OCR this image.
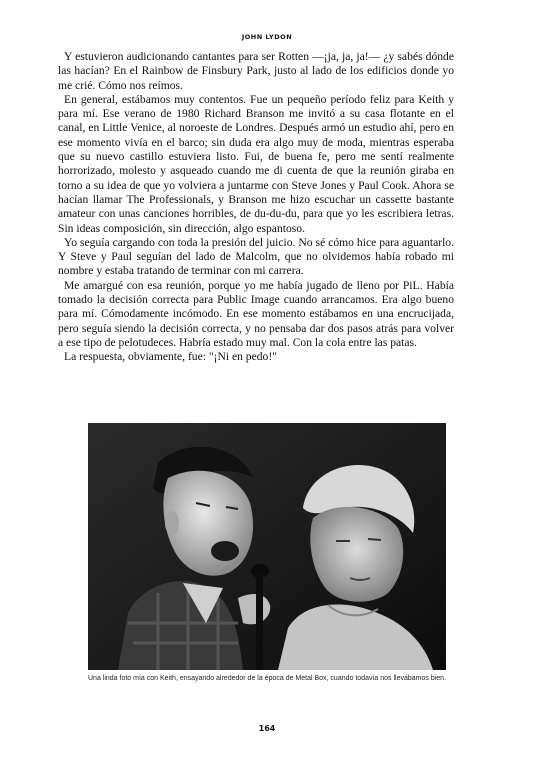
JOHN LYDON

Y estuvieron audicionando cantantes para ser Rotten —¡ja, ja, ja!— ¿y sabés dónde las hacían? En el Rainbow de Finsbury Park, justo al lado de los edificios donde yo me crié. Cómo nos reímos.

En general, estábamos muy contentos. Fue un pequeño período feliz para Keith y para mí. Ese verano de 1980 Richard Branson me invitó a su casa flotante en el canal, en Little Venice, al noroeste de Londres. Después armó un estudio ahí, pero en ese momento vivía en el barco; sin duda era algo muy de moda, mientras esperaba que su nuevo castillo estuviera listo. Fui, de buena fe, pero me sentí realmente horrorizado, molesto y asqueado cuando me di cuenta de que la reunión giraba en torno a su idea de que yo volviera a juntarme con Steve Jones y Paul Cook. Ahora se hacían llamar The Professionals, y Branson me hizo escuchar un cassette bastante amateur con unas canciones horribles, de du-du-du, para que yo les escribiera letras. Sin ideas composición, sin dirección, algo espantoso.

Yo seguía cargando con toda la presión del juicio. No sé cómo hice para aguantarlo. Y Steve y Paul seguían del lado de Malcolm, que no olvidemos había robado mi nombre y estaba tratando de terminar con mi carrera.

Me amargué con esa reunión, porque yo me había jugado de lleno por PiL. Había tomado la decisión correcta para Public Image cuando arrancamos. Era algo bueno para mí. Cómodamente incómodo. En ese momento estábamos en una encrucijada, pero seguía siendo la decisión correcta, y no pensaba dar dos pasos atrás para volver a ese tipo de pelotudeces. Habría estado muy mal. Con la cola entre las patas.

La respuesta, obviamente, fue: "¡Ni en pedo!"

Una linda foto mía con Keith, ensayando alrededor de la época de Metal Box, cuando todavía nos llevábamos bien.
164
